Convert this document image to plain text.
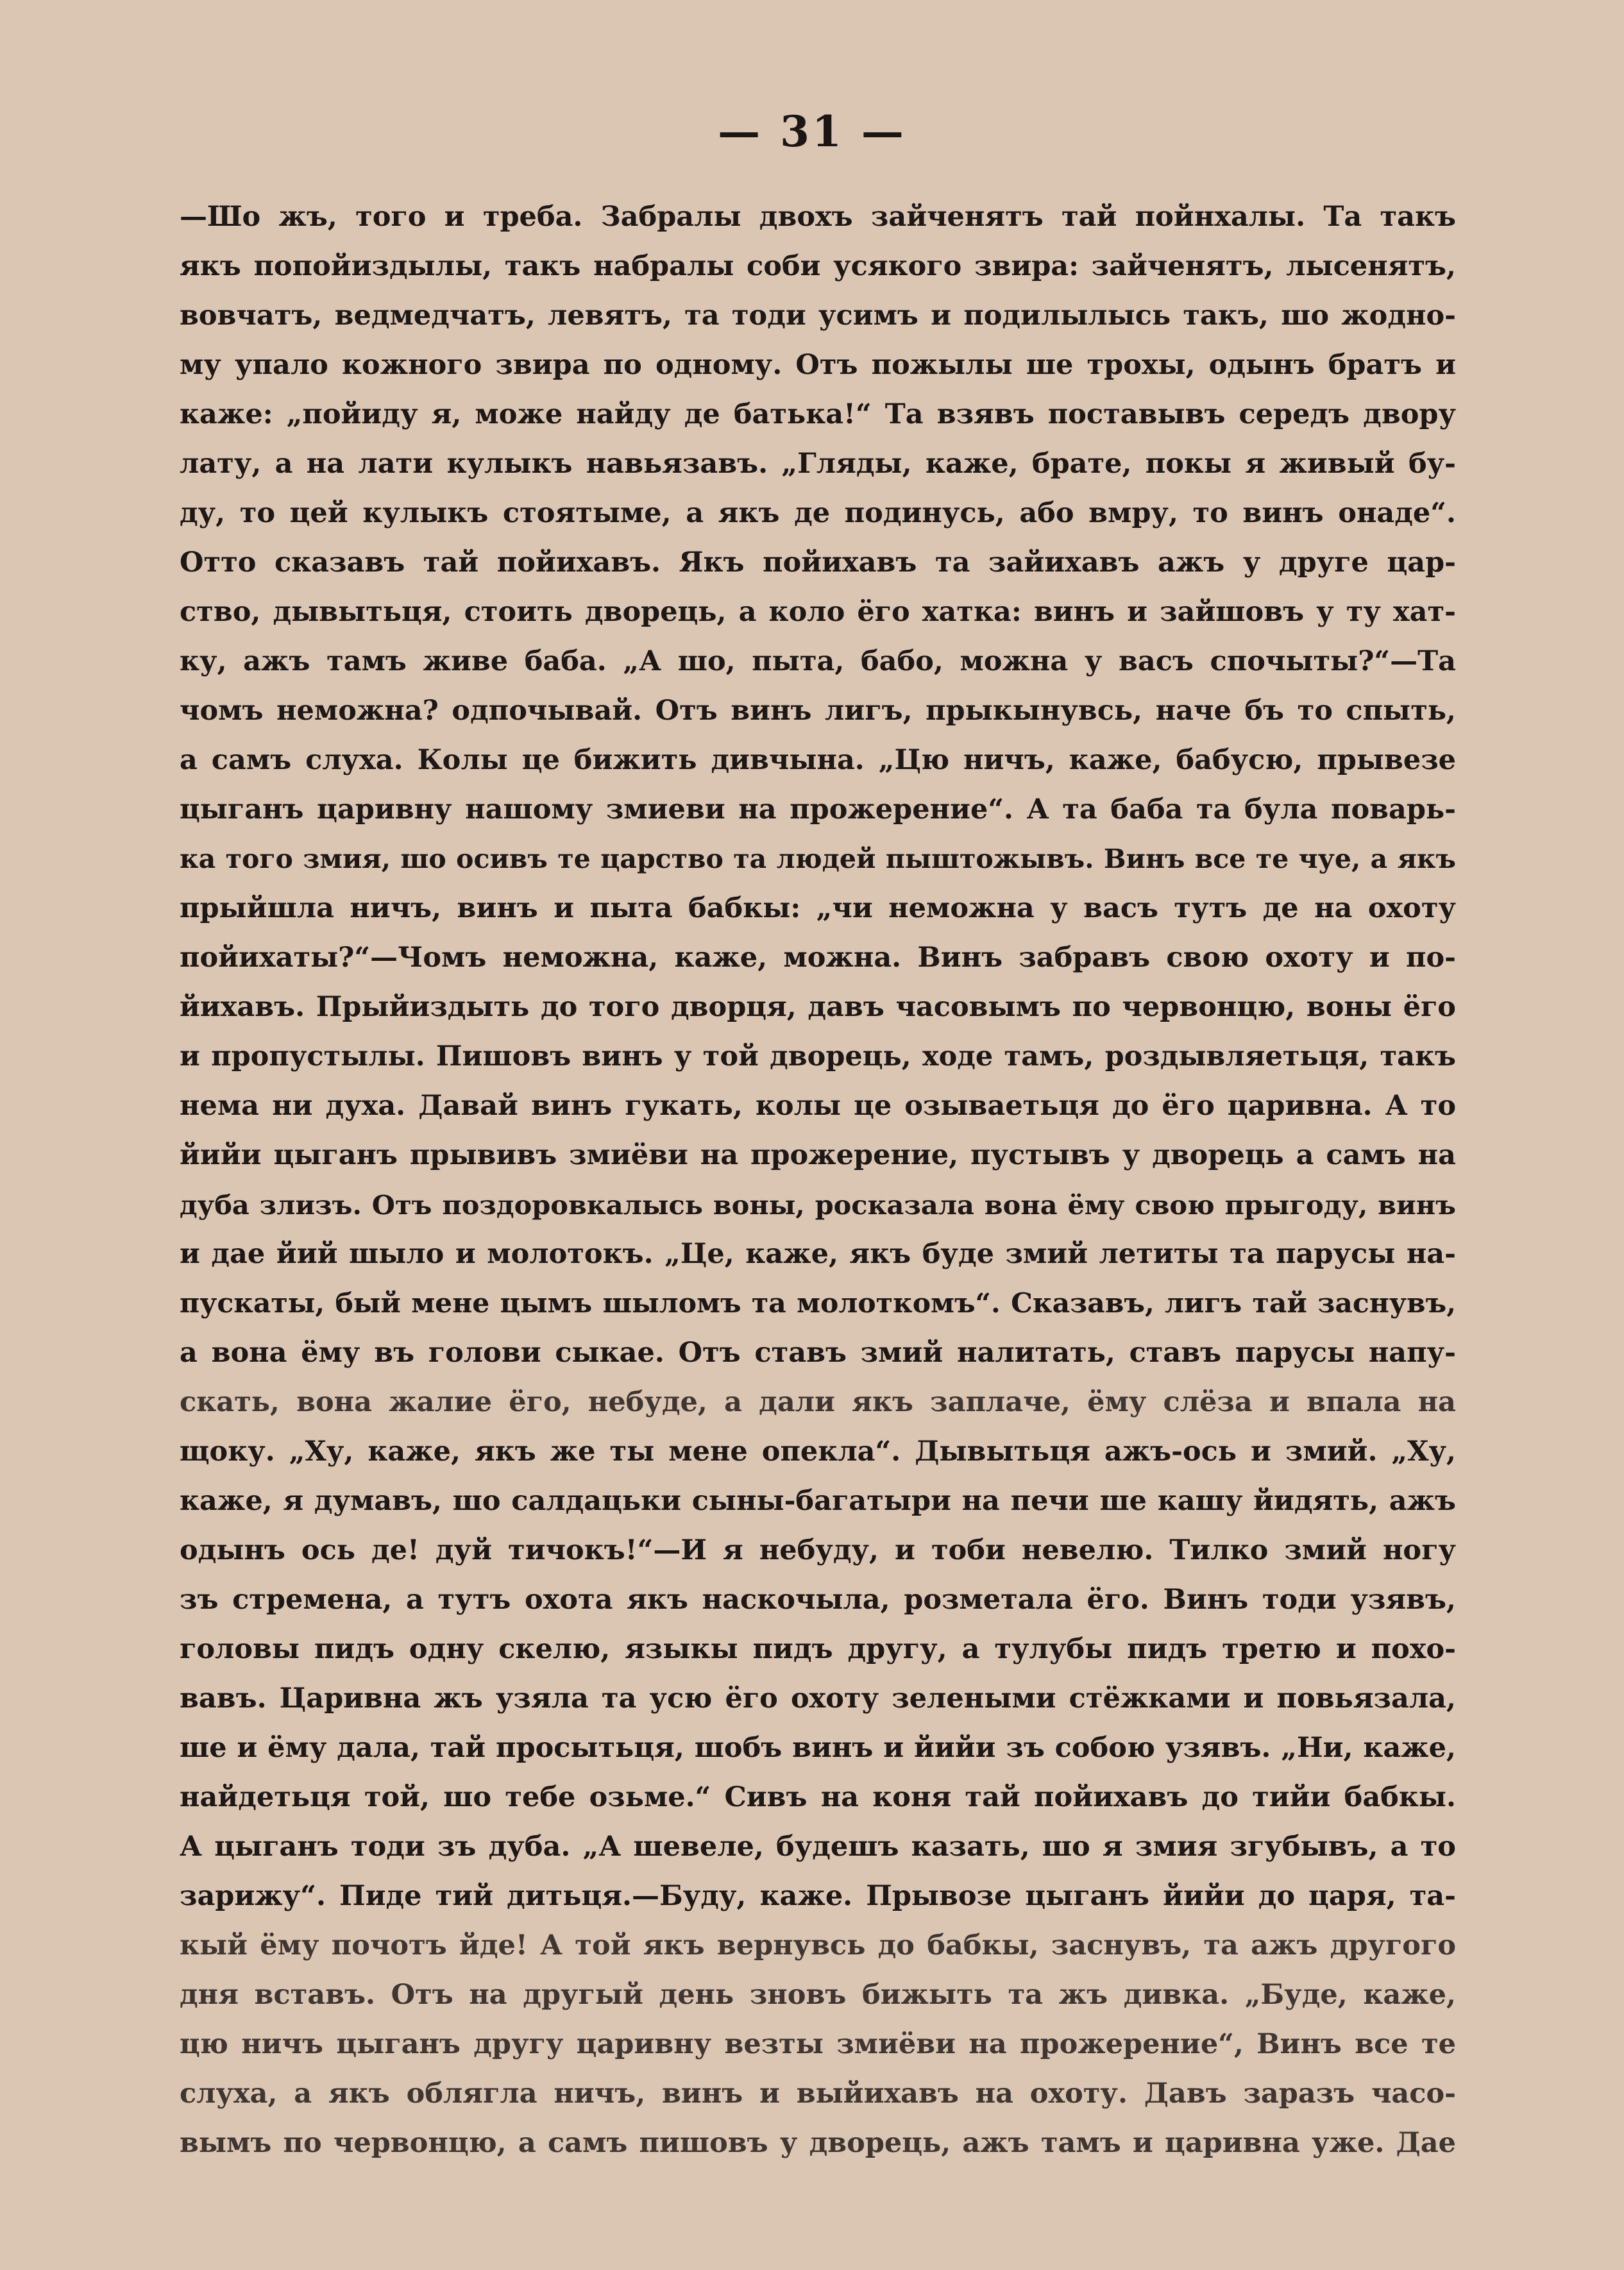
— 31 —
—Шо жъ, того и треба. Забралы двохъ зайченятъ тай пойнхалы. Та такъ
якъ попойиздылы, такъ набралы соби усякого звира: зайченятъ, лысенятъ,
вовчатъ, ведмедчатъ, левятъ, та тоди усимъ и подилылысь такъ, шо жодно-
му упало кожного звира по одному. Отъ пожылы ше трохы, одынъ братъ и
каже: „пойиду я, може найду де батька!“ Та взявъ поставывъ середъ двору
лату, а на лати кулыкъ навьязавъ. „Гляды, каже, брате, покы я живый бу-
ду, то цей кулыкъ стоятыме, а якъ де подинусь, або вмру, то винъ онаде“.
Отто сказавъ тай пойихавъ. Якъ пойихавъ та зайихавъ ажъ у друге цар-
ство, дывытьця, стоить дворець, а коло ёго хатка: винъ и зайшовъ у ту хат-
ку, ажъ тамъ живе баба. „А шо, пыта, бабо, можна у васъ спочыты?“—Та
чомъ неможна? одпочывай. Отъ винъ лигъ, прыкынувсь, наче бъ то спыть,
а самъ слуха. Колы це бижить дивчына. „Цю ничъ, каже, бабусю, прывезе
цыганъ царивну нашому змиеви на прожерение“. А та баба та була поварь-
ка того змия, шо осивъ те царство та людей пыштожывъ. Винъ все те чуе, а якъ
прыйшла ничъ, винъ и пыта бабкы: „чи неможна у васъ тутъ де на охоту
пойихаты?“—Чомъ неможна, каже, можна. Винъ забравъ свою охоту и по-
йихавъ. Прыйиздыть до того дворця, давъ часовымъ по червонцю, воны ёго
и пропустылы. Пишовъ винъ у той дворець, ходе тамъ, роздывляетьця, такъ
нема ни духа. Давай винъ гукать, колы це озываетьця до ёго царивна. А то
йийи цыганъ прывивъ змиёви на прожерение, пустывъ у дворець а самъ на
дуба злизъ. Отъ поздоровкалысь воны, росказала вона ёму свою прыгоду, винъ
и дае йий шыло и молотокъ. „Це, каже, якъ буде змий летиты та парусы на-
пускаты, бый мене цымъ шыломъ та молоткомъ“. Сказавъ, лигъ тай заснувъ,
а вона ёму въ голови сыкае. Отъ ставъ змий налитать, ставъ парусы напу-
скать, вона жалие ёго, небуде, а дали якъ заплаче, ёму слёза и впала на
щоку. „Ху, каже, якъ же ты мене опекла“. Дывытьця ажъ-ось и змий. „Ху,
каже, я думавъ, шо салдацьки сыны-багатыри на печи ше кашу йидять, ажъ
одынъ ось де! дуй тичокъ!“—И я небуду, и тоби невелю. Тилко змий ногу
зъ стремена, а тутъ охота якъ наскочыла, розметала ёго. Винъ тоди узявъ,
головы пидъ одну скелю, языкы пидъ другу, а тулубы пидъ третю и похо-
вавъ. Царивна жъ узяла та усю ёго охоту зелеными стёжками и повьязала,
ше и ёму дала, тай просытьця, шобъ винъ и йийи зъ собою узявъ. „Ни, каже,
найдетьця той, шо тебе озьме.“ Сивъ на коня тай пойихавъ до тийи бабкы.
А цыганъ тоди зъ дуба. „А шевеле, будешъ казать, шо я змия згубывъ, а то
зарижу“. Пиде тий дитьця.—Буду, каже. Прывозе цыганъ йийи до царя, та-
кый ёму почотъ йде! А той якъ вернувсь до бабкы, заснувъ, та ажъ другого
дня вставъ. Отъ на другый день зновъ бижыть та жъ дивка. „Буде, каже,
цю ничъ цыганъ другу царивну везты змиёви на прожерение“, Винъ все те
слуха, а якъ облягла ничъ, винъ и выйихавъ на охоту. Давъ заразъ часо-
вымъ по червонцю, а самъ пишовъ у дворець, ажъ тамъ и царивна уже. Дае
